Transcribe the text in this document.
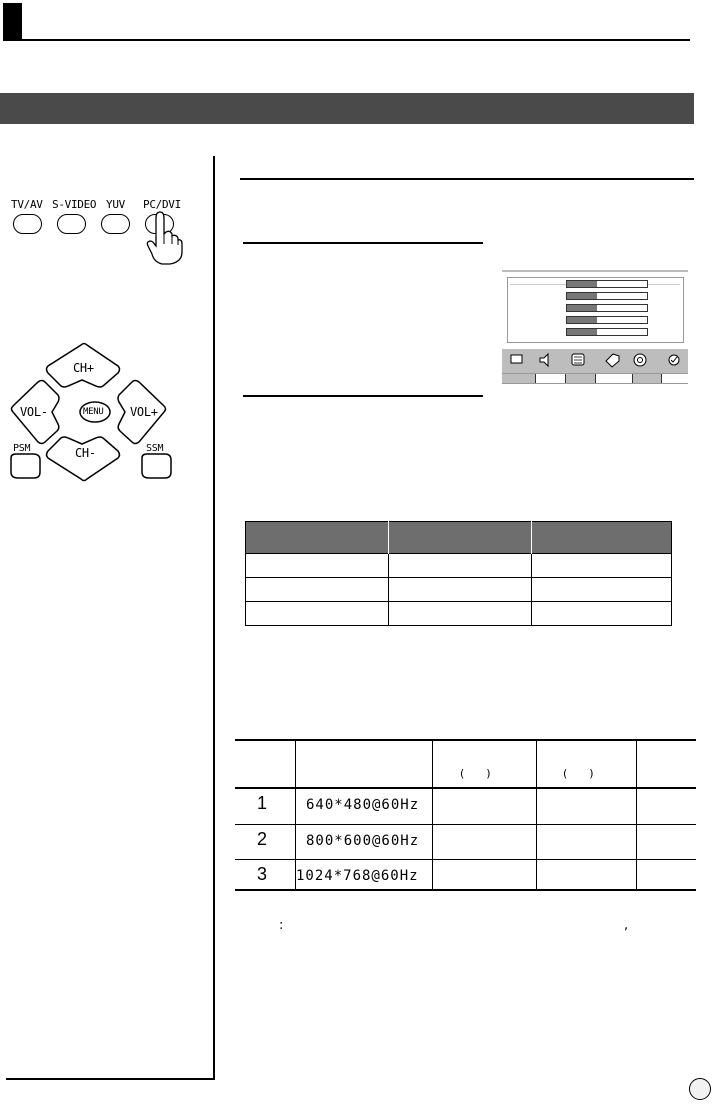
TV/AV S-VIDEO YUV PC/DVI
CH+
VOL-	MENU VOL+
CH-
PSM	SSM

(　　)	(　　)
1	640*480@60Hz
2	800*600@60Hz
3 1024*768@60Hz
:	,
